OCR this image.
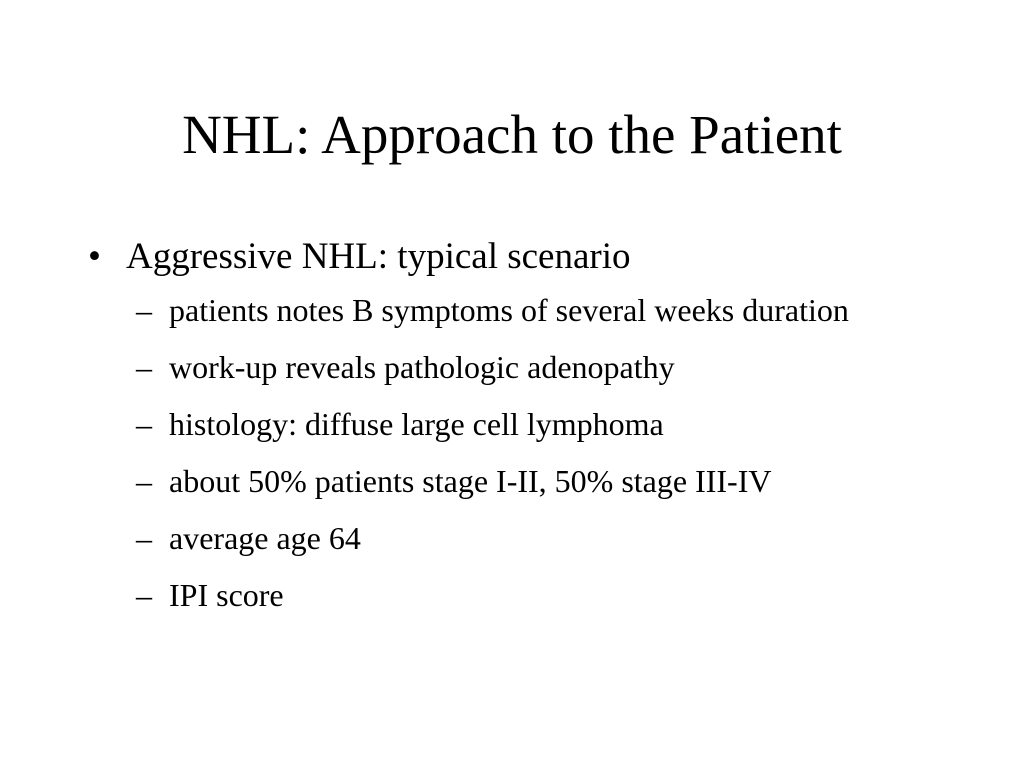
NHL: Approach to the Patient
• Aggressive NHL: typical scenario
– patients notes B symptoms of several weeks duration
– work-up reveals pathologic adenopathy
– histology: diffuse large cell lymphoma
– about 50% patients stage I-II, 50% stage III-IV
– average age 64
– IPI score
